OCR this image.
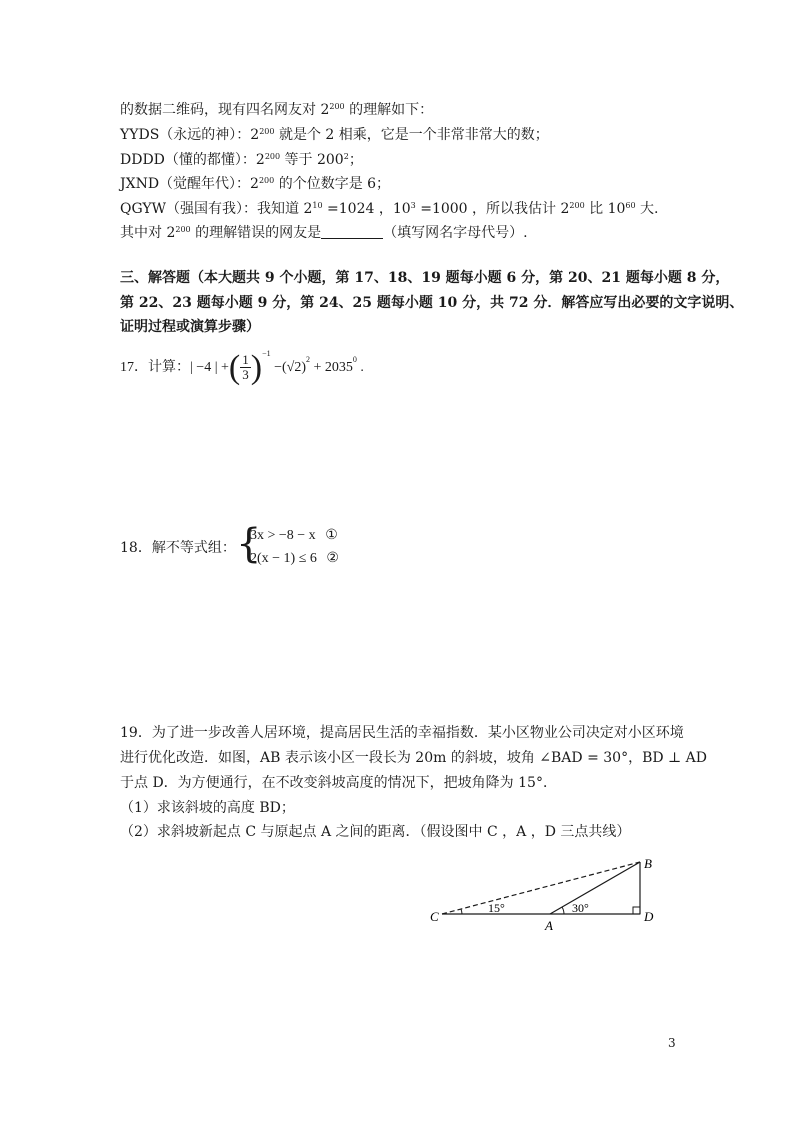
的数据二维码，现有四名网友对 $2^{200}$ 的理解如下：
YYDS（永远的神）：$2^{200}$ 就是个 2 相乘，它是一个非常非常大的数；
DDDD（懂的都懂）：$2^{200}$ 等于 $200^2$；
JXND（觉醒年代）：$2^{200}$ 的个位数字是 6；
QGYW（强国有我）：我知道 $2^{10} =1024$ ，$10^3 =1000$ ，所以我估计 $2^{200}$ 比 $10^{60}$ 大.
其中对 $2^{200}$ 的理解错误的网友是	（填写网名字母代号）.
三、解答题（本大题共 9 个小题，第 17、18、19 题每小题 6 分，第 20、21 题每小题 8 分，
第 22、23 题每小题 9 分，第 24、25 题每小题 10 分，共 72 分．解答应写出必要的文字说明、
证明过程或演算步骤）
17．计算：| −4 | +( $\frac{1}{3} )^{-1} -(√2)^2 + 2035^0$ .
18．解不等式组： {
3x > −8 − x ①
2(x − 1) ≤ 6 ②
19．为了进一步改善人居环境，提高居民生活的幸福指数．某小区物业公司决定对小区环境
进行优化改造．如图，AB 表示该小区一段长为 20m 的斜坡，坡角 ∠BAD = 30°，BD ⊥ AD
于点 D．为方便通行，在不改变斜坡高度的情况下，把坡角降为 15°．
（1）求该斜坡的高度 BD；
（2）求斜坡新起点 C 与原起点 A 之间的距离．（假设图中 C ，A ，D 三点共线）
B
C
A
D
15°	30°
3
